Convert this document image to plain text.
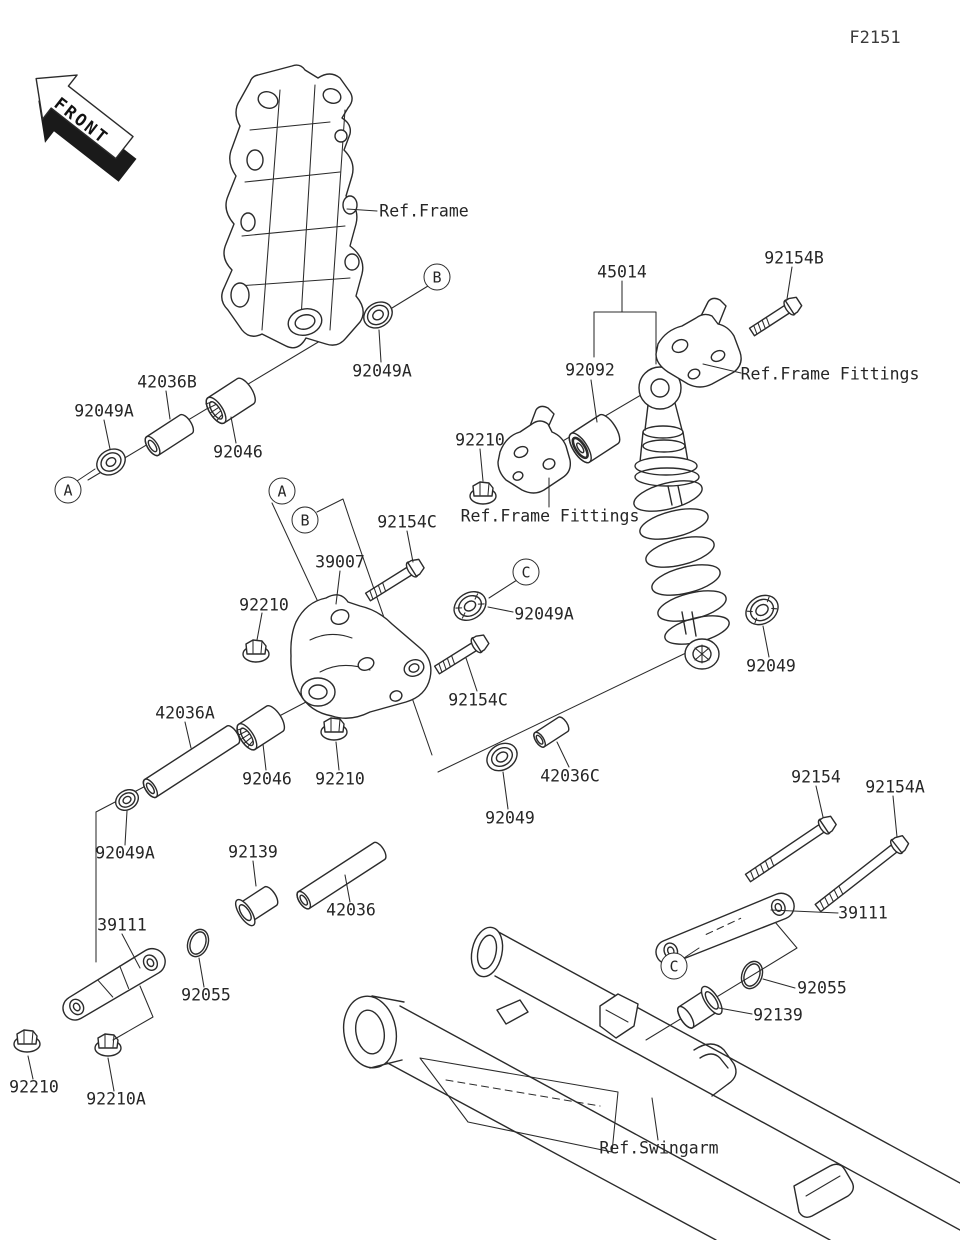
FRONT
F2151
Ref.Frame
92049A
45014
92154B
92092	Ref.Frame Fittings
92210
Ref.Frame Fittings
92049A
42036B
92046
39007
92154C
92210	92049A
92154C
92049
42036A
92046 92210
92049
42036C	92154
92154A
39111
92055
92139
Ref.Swingarm
92049A	92139
42036
39111
92055
92210
92210A
A	A
B
B
C
C
